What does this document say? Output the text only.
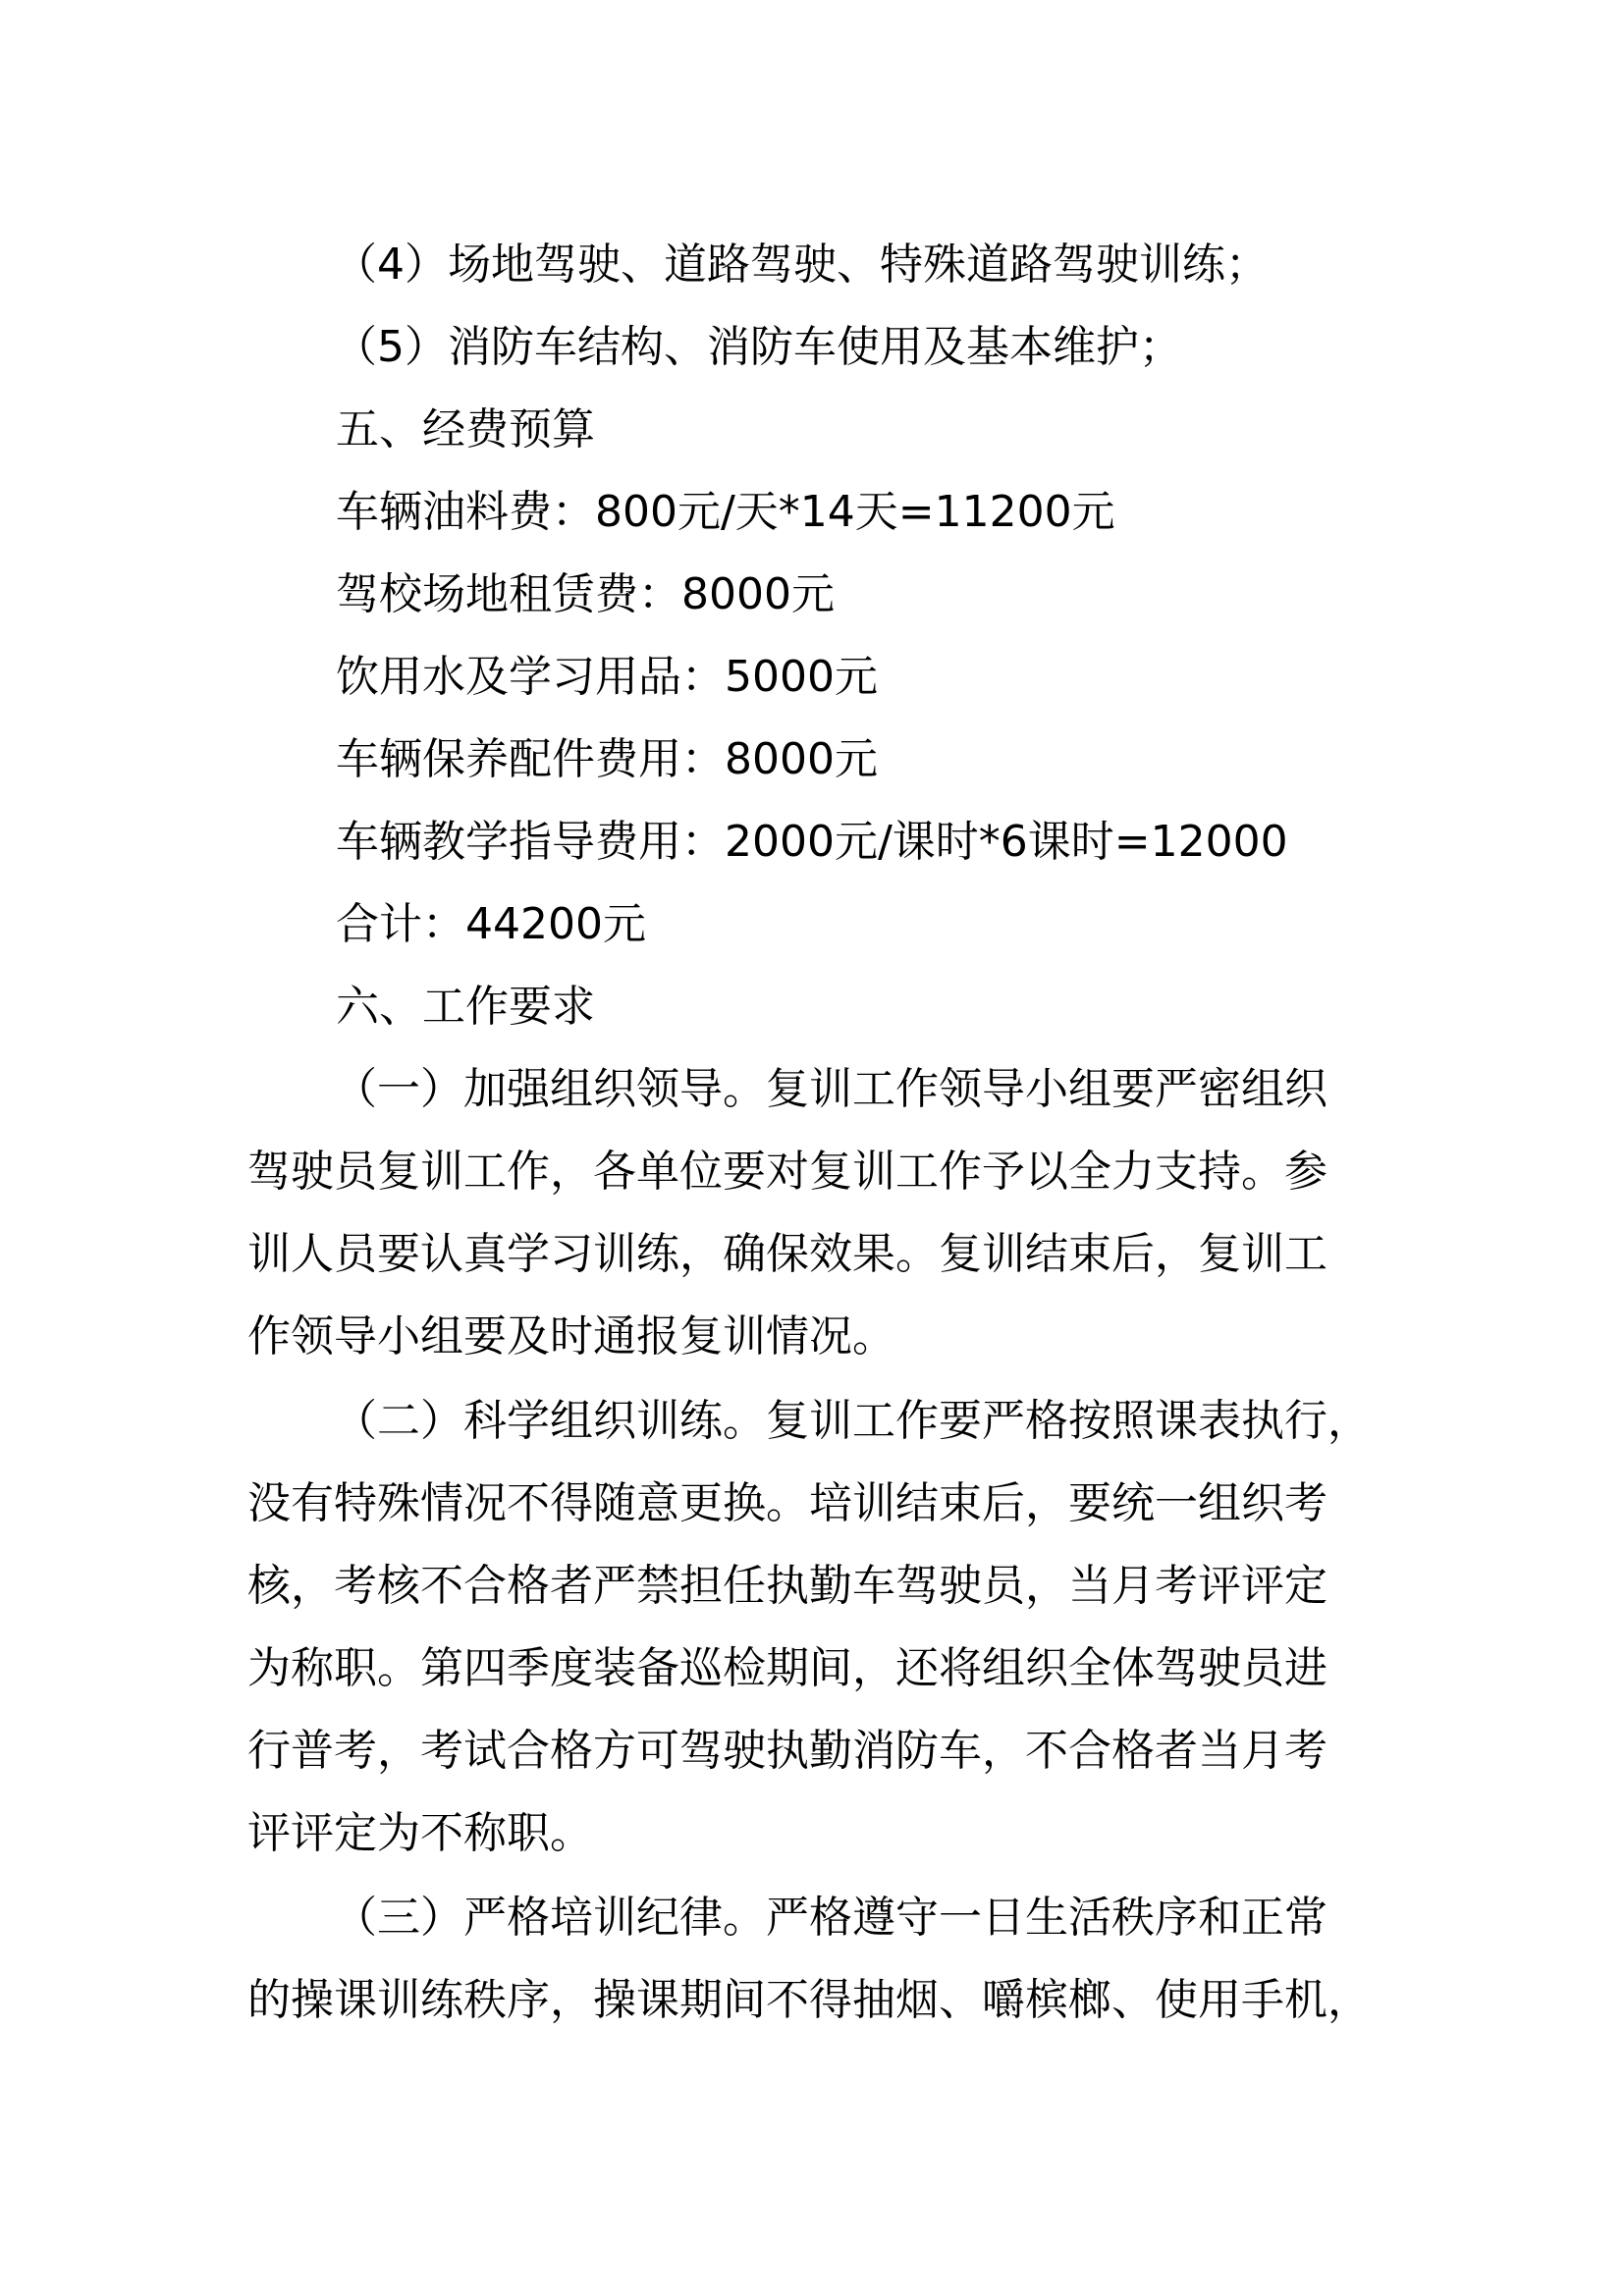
（4）场地驾驶、道路驾驶、特殊道路驾驶训练；

（5）消防车结构、消防车使用及基本维护；

五、经费预算

车辆油料费：800元/天*14天=11200元

驾校场地租赁费：8000元

饮用水及学习用品：5000元

车辆保养配件费用：8000元

车辆教学指导费用：2000元/课时*6课时=12000

合计：44200元

六、工作要求

（一）加强组织领导。复训工作领导小组要严密组织

驾驶员复训工作，各单位要对复训工作予以全力支持。参

训人员要认真学习训练，确保效果。复训结束后，复训工

作领导小组要及时通报复训情况。

（二）科学组织训练。复训工作要严格按照课表执行，

没有特殊情况不得随意更换。培训结束后，要统一组织考

核，考核不合格者严禁担任执勤车驾驶员，当月考评评定

为称职。第四季度装备巡检期间，还将组织全体驾驶员进

行普考，考试合格方可驾驶执勤消防车，不合格者当月考

评评定为不称职。

（三）严格培训纪律。严格遵守一日生活秩序和正常

的操课训练秩序，操课期间不得抽烟、嚼槟榔、使用手机，
